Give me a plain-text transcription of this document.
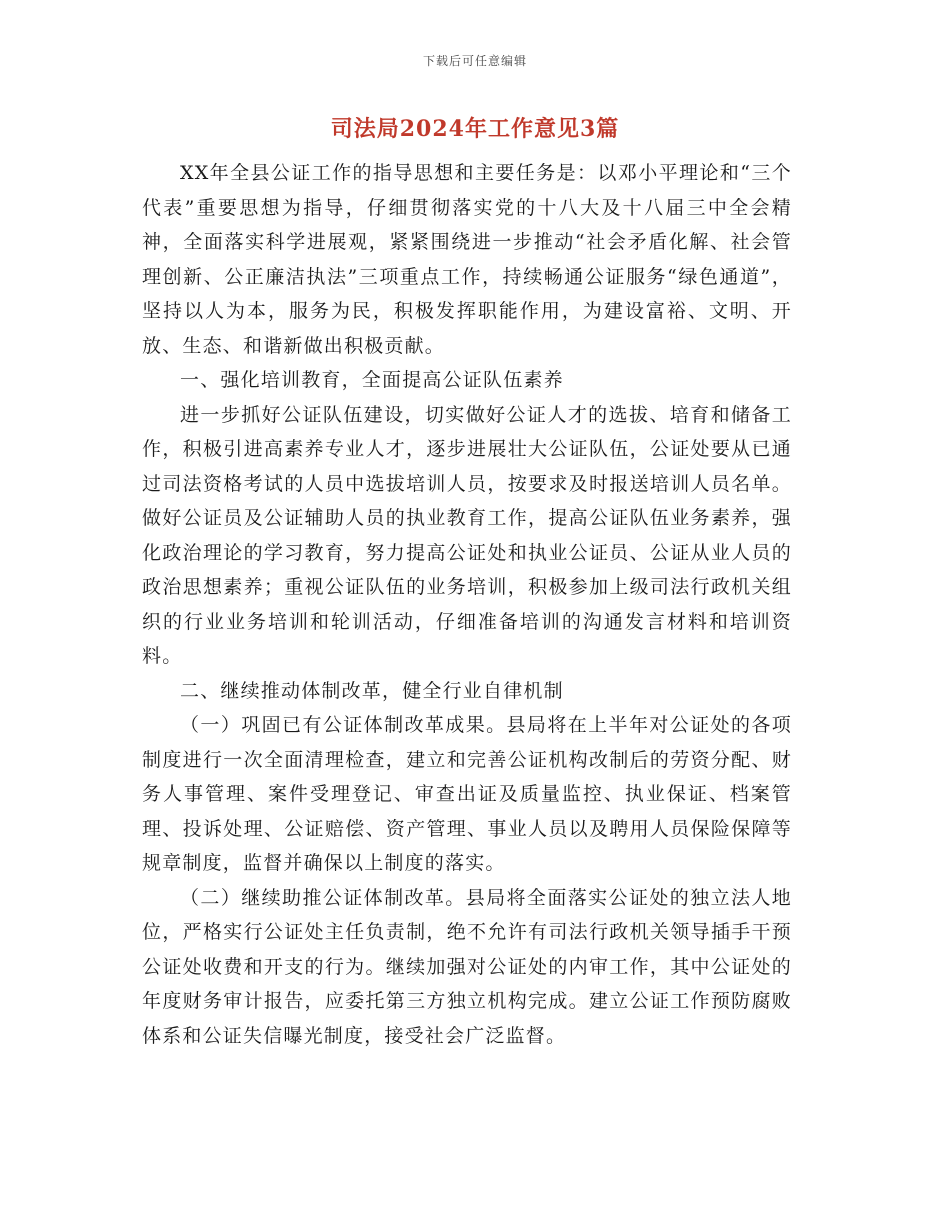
下载后可任意编辑
司法局2024年工作意见3篇

XX年全县公证工作的指导思想和主要任务是：以邓小平理论和“三个代表”重要思想为指导，仔细贯彻落实党的十八大及十八届三中全会精神，全面落实科学进展观，紧紧围绕进一步推动“社会矛盾化解、社会管理创新、公正廉洁执法”三项重点工作，持续畅通公证服务“绿色通道”，坚持以人为本，服务为民，积极发挥职能作用，为建设富裕、文明、开放、生态、和谐新做出积极贡献。

一、强化培训教育，全面提高公证队伍素养

进一步抓好公证队伍建设，切实做好公证人才的选拔、培育和储备工作，积极引进高素养专业人才，逐步进展壮大公证队伍，公证处要从已通过司法资格考试的人员中选拔培训人员，按要求及时报送培训人员名单。做好公证员及公证辅助人员的执业教育工作，提高公证队伍业务素养，强化政治理论的学习教育，努力提高公证处和执业公证员、公证从业人员的政治思想素养；重视公证队伍的业务培训，积极参加上级司法行政机关组织的行业业务培训和轮训活动，仔细准备培训的沟通发言材料和培训资料。

二、继续推动体制改革，健全行业自律机制

（一）巩固已有公证体制改革成果。县局将在上半年对公证处的各项制度进行一次全面清理检查，建立和完善公证机构改制后的劳资分配、财务人事管理、案件受理登记、审查出证及质量监控、执业保证、档案管理、投诉处理、公证赔偿、资产管理、事业人员以及聘用人员保险保障等规章制度，监督并确保以上制度的落实。

（二）继续助推公证体制改革。县局将全面落实公证处的独立法人地位，严格实行公证处主任负责制，绝不允许有司法行政机关领导插手干预公证处收费和开支的行为。继续加强对公证处的内审工作，其中公证处的年度财务审计报告，应委托第三方独立机构完成。建立公证工作预防腐败体系和公证失信曝光制度，接受社会广泛监督。
